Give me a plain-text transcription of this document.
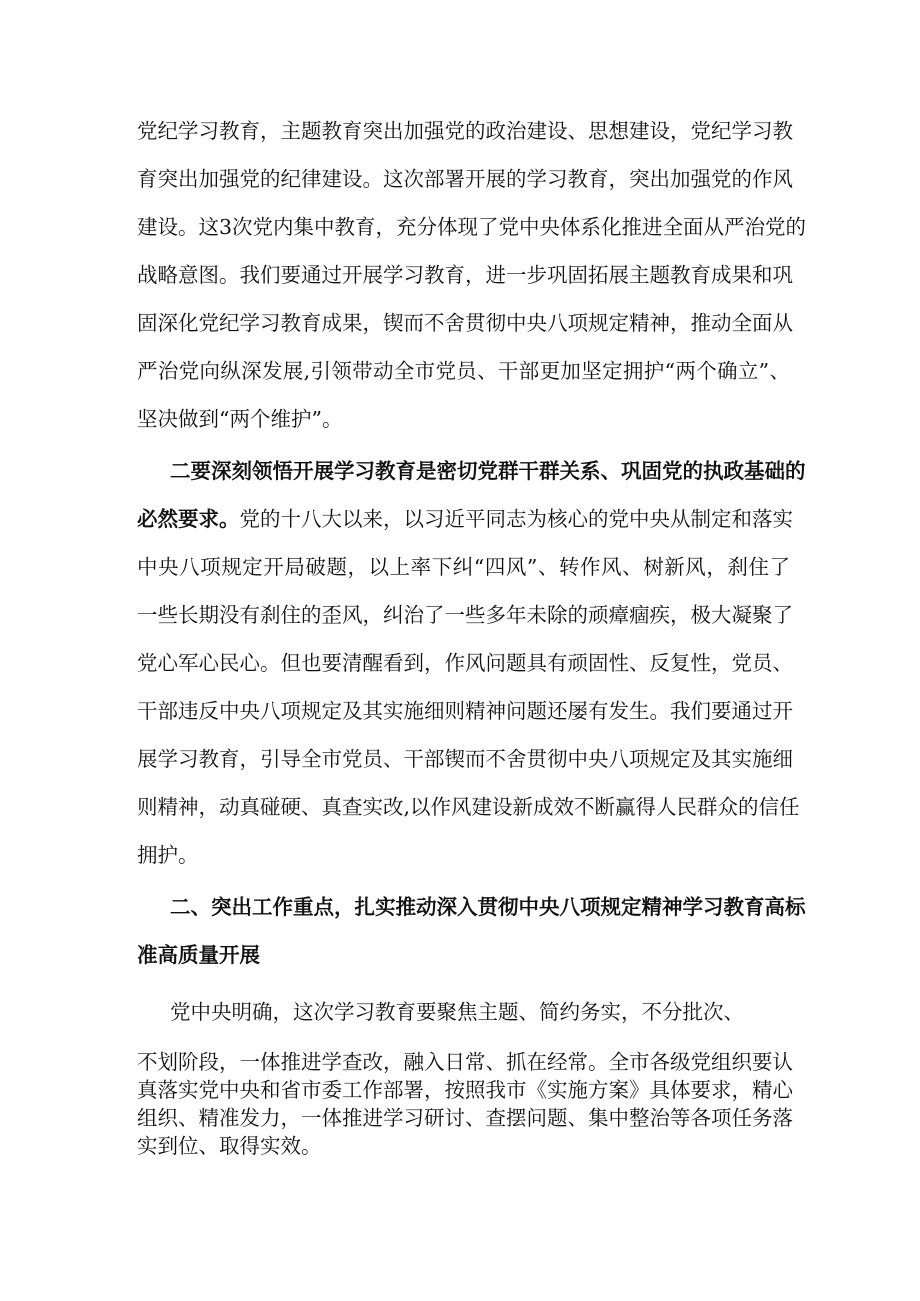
党纪学习教育，主题教育突出加强党的政治建设、思想建设，党纪学习教
育突出加强党的纪律建设。这次部署开展的学习教育，突出加强党的作风
建设。这3次党内集中教育，充分体现了党中央体系化推进全面从严治党的
战略意图。我们要通过开展学习教育，进一步巩固拓展主题教育成果和巩
固深化党纪学习教育成果，锲而不舍贯彻中央八项规定精神，推动全面从
严治党向纵深发展,引领带动全市党员、干部更加坚定拥护“两个确立”、
坚决做到“两个维护”。
二要深刻领悟开展学习教育是密切党群干群关系、巩固党的执政基础的
必然要求。党的十八大以来，以习近平同志为核心的党中央从制定和落实
中央八项规定开局破题，以上率下纠“四风”、转作风、树新风，刹住了
一些长期没有刹住的歪风，纠治了一些多年未除的顽瘴痼疾，极大凝聚了
党心军心民心。但也要清醒看到，作风问题具有顽固性、反复性，党员、
干部违反中央八项规定及其实施细则精神问题还屡有发生。我们要通过开
展学习教育，引导全市党员、干部锲而不舍贯彻中央八项规定及其实施细
则精神，动真碰硬、真查实改,以作风建设新成效不断赢得人民群众的信任
拥护。
二、突出工作重点，扎实推动深入贯彻中央八项规定精神学习教育高标
准高质量开展
党中央明确，这次学习教育要聚焦主题、简约务实，不分批次、
不划阶段，一体推进学查改，融入日常、抓在经常。全市各级党组织要认
真落实党中央和省市委工作部署，按照我市《实施方案》具体要求，精心
组织、精准发力，一体推进学习研讨、查摆问题、集中整治等各项任务落
实到位、取得实效。
